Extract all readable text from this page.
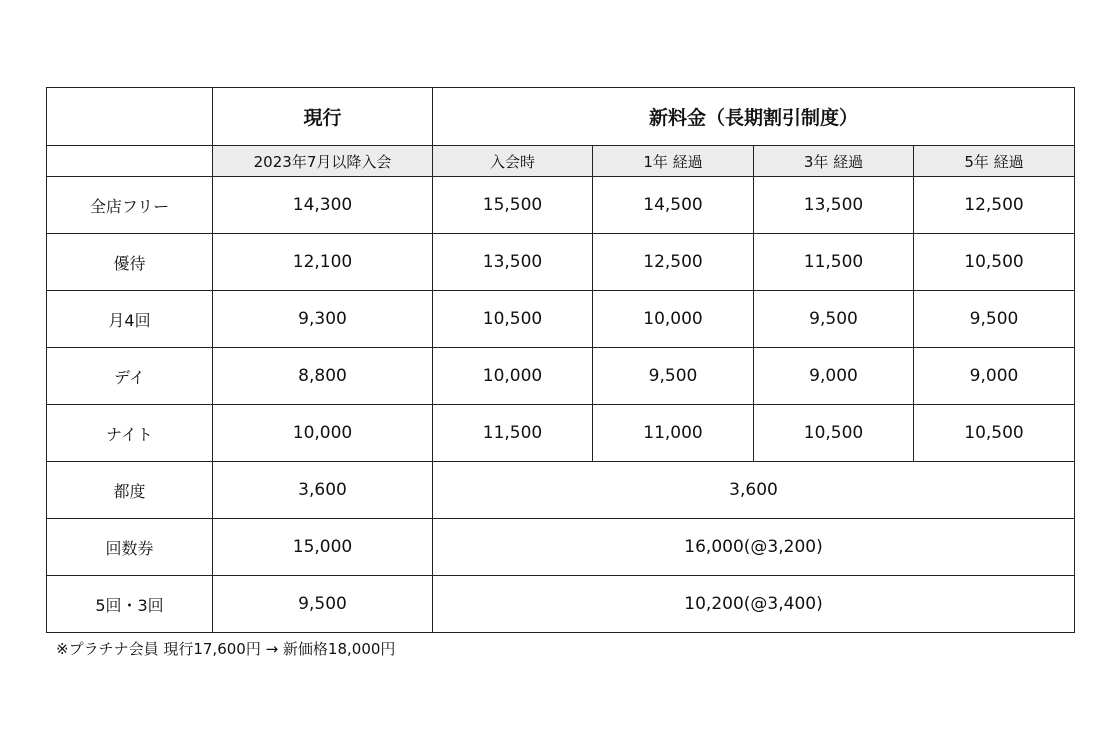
	現行	新料金（長期割引制度）			
	2023年7月以降入会	入会時	1年 経過	3年 経過	5年 経過
全店フリー	14,300	15,500	14,500	13,500	12,500
優待	12,100	13,500	12,500	11,500	10,500
月4回	9,300	10,500	10,000	9,500	9,500
デイ	8,800	10,000	9,500	9,000	9,000
ナイト	10,000	11,500	11,000	10,500	10,500
都度	3,600	3,600			
回数券	15,000	16,000(@3,200)			
5回・3回	9,500	10,200(@3,400)			
※プラチナ会員 現行17,600円 → 新価格18,000円
